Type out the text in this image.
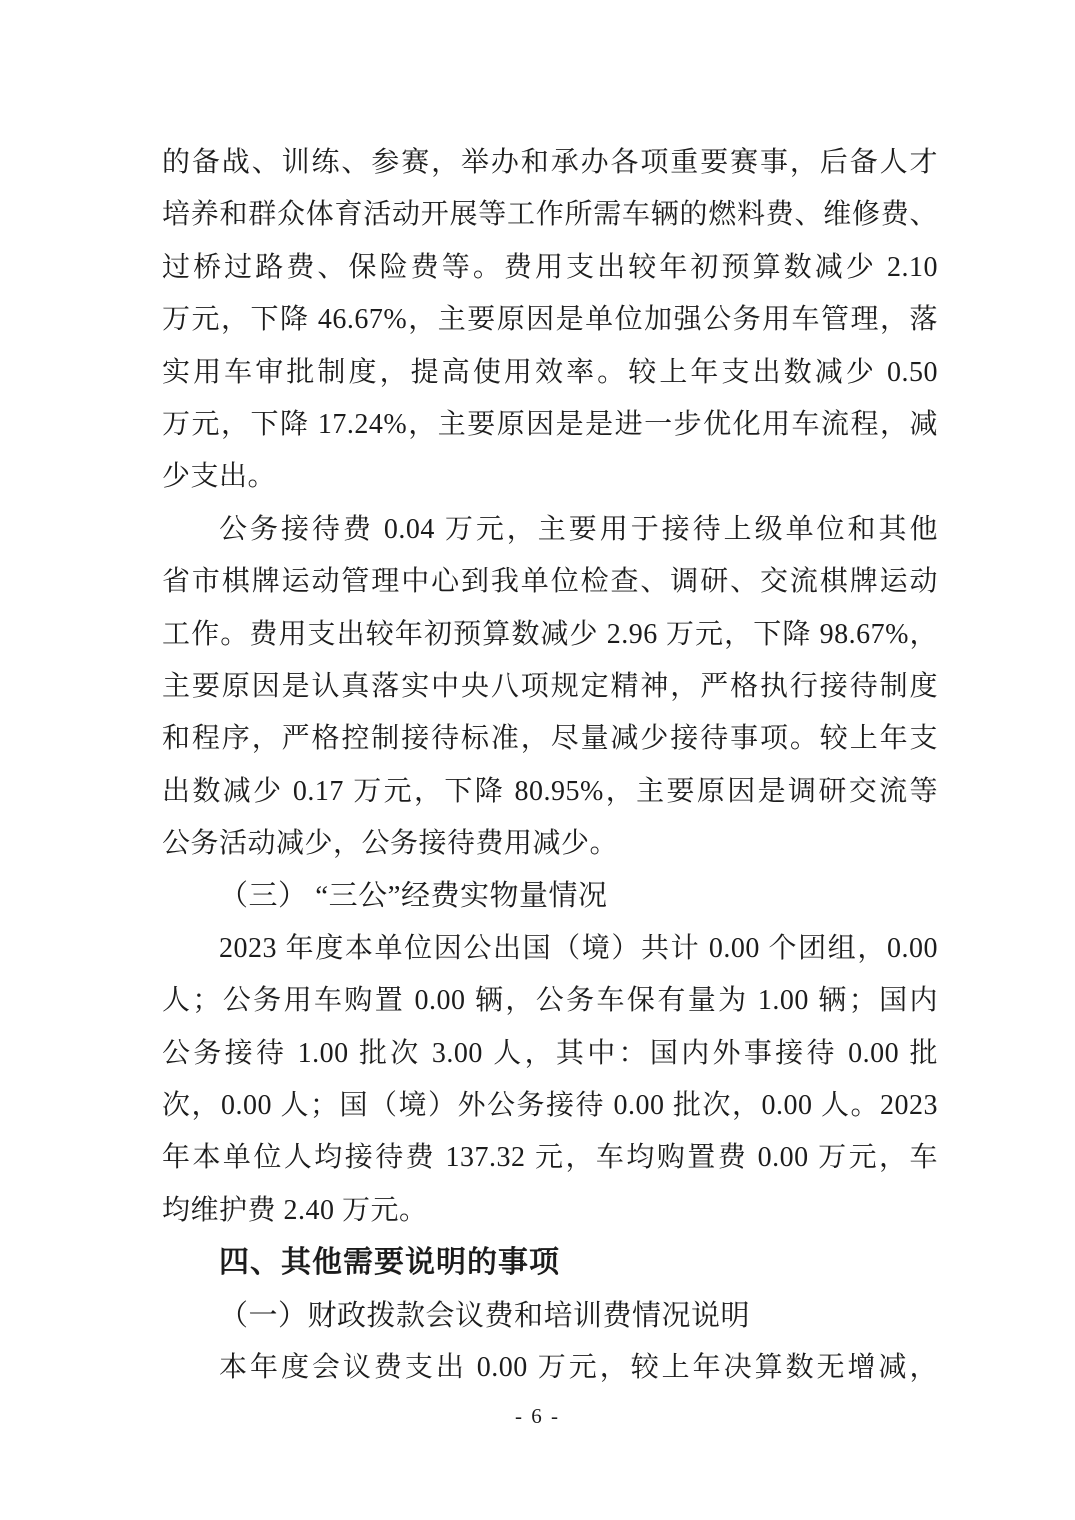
的备战、训练、参赛，举办和承办各项重要赛事，后备人才
培养和群众体育活动开展等工作所需车辆的燃料费、维修费、
过桥过路费、保险费等。费用支出较年初预算数减少 2.10
万元，下降 46.67%，主要原因是单位加强公务用车管理，落
实用车审批制度，提高使用效率。较上年支出数减少 0.50
万元，下降 17.24%，主要原因是是进一步优化用车流程，减
少支出。
公务接待费 0.04 万元，主要用于接待上级单位和其他
省市棋牌运动管理中心到我单位检查、调研、交流棋牌运动
工作。费用支出较年初预算数减少 2.96 万元，下降 98.67%，
主要原因是认真落实中央八项规定精神，严格执行接待制度
和程序，严格控制接待标准，尽量减少接待事项。较上年支
出数减少 0.17 万元，下降 80.95%，主要原因是调研交流等
公务活动减少，公务接待费用减少。
（三） “三公”经费实物量情况
2023 年度本单位因公出国（境）共计 0.00 个团组，0.00
人；公务用车购置 0.00 辆，公务车保有量为 1.00 辆；国内
公务接待 1.00 批次 3.00 人，其中：国内外事接待 0.00 批
次，0.00 人；国（境）外公务接待 0.00 批次，0.00 人。2023
年本单位人均接待费 137.32 元，车均购置费 0.00 万元，车
均维护费 2.40 万元。
四、其他需要说明的事项
（一）财政拨款会议费和培训费情况说明
本年度会议费支出 0.00 万元，较上年决算数无增减，
- 6 -
